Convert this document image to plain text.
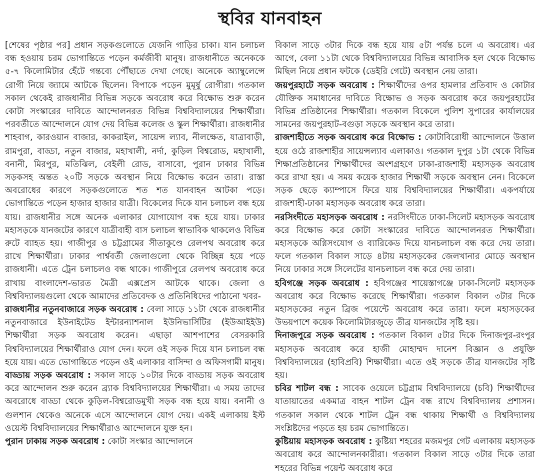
স্থবির যানবাহন

[শেষের পৃষ্ঠার পর] প্রধান সড়কগুলোতে যেজনি গাড়ির চাকা। যান চলাচল বন্ধ হওয়ায় চরম ভোগান্তিতে পড়েন কর্মজীবী মানুষ। রাজধানীতে অনেককে ৫-৭ কিলোমিটার হেঁটে গন্তব্যে পৌঁছাতে দেখা গেছে। অনেকে অ্যাম্বুলেন্সে রোগী নিয়ে জ্যামে আটকে ছিলেন। বিপাকে পড়েন মুমূর্ষু রোগীরা। গতকাল সকাল থেকেই রাজধানীর বিভিন্ন সড়কে অবরোধ করে বিক্ষোভ শুরু করেন কোটা সংস্কারের দাবিতে আন্দোলনরত বিভিন্ন বিশ্ববিদ্যালয়ের শিক্ষার্থীরা। পরবর্তীতে আন্দোলনে যোগ দেয় বিভিন্ন কলেজ ও স্কুল শিক্ষার্থীরা। রাজধানীর শাহবাগ, কারওয়ান বাজার, কাকরাইল, সায়েন্স ল্যাব, নীলক্ষেত, যাত্রাবাড়ী, রামপুরা, বাড্ডা, নতুন বাজার, মহাখালী, নর্দা, কুড়িল বিশ্বরোড, মহাখালী, বনানী, মিরপুর, মতিঝিল, বেইলী রোড, বাসাবো, পুরান ঢাকার বিভিন্ন সড়কসহ অন্তত ২০টি সড়কে অবস্থান নিয়ে বিক্ষোভ করেন তারা। রাস্তা অবরোধের কারণে সড়কগুলোতে শত শত যানবাহন আটকা পড়ে। ভোগান্তিতে পড়েন হাজার হাজার যাত্রী। বিকেলের দিকে যান চলাচল বন্ধ হয়ে যায়। রাজধানীর সঙ্গে অনেক এলাকার যোগাযোগ বন্ধ হয়ে যায়। ঢাকার মহাসড়কে যানজটের কারণে যাত্রীবাহী বাস চলাচল স্বাভাবিক থাকলেও বিভিন্ন রুটে ব্যাহত হয়। গাজীপুর ও চট্টগ্রামের সীতাকুণ্ডে রেলপথ অবরোধ করে রাখে শিক্ষার্থীরা। ঢাকার পার্শ্ববর্তী জেলাগুলো থেকে বিচ্ছিন্ন হয়ে পড়ে রাজধানী। এতে ট্রেন চলাচলও বন্ধ থাকে। গাজীপুরে রেলপথ অবরোধ করে রাখায় বাংলাদেশ-ভারত মৈত্রী এক্সপ্রেস আটকে থাকে। জেলা ও বিশ্ববিদ্যালয়গুলো থেকে আমাদের প্রতিবেদক ও প্রতিনিধিদের পাঠানো খবর-

রাজধানীর নতুনবাজারে সড়ক অবরোধ : বেলা সাড়ে ১১টা থেকে রাজধানীর নতুনবাজারে ইউনাইটেড ইন্টারন্যাশনাল ইউনিভার্সিটির (ইউআইইউ) শিক্ষার্থীরা সড়ক অবরোধ করেন। এছাড়া আশপাশের বেসরকারি বিশ্ববিদ্যালয়ের শিক্ষার্থীরাও যোগ দেন। ফলে ওই সড়ক দিয়ে যান চলাচল বন্ধ হয়ে যায়। এতে ভোগান্তিতে পড়েন ওই এলাকার বাসিন্দা ও অফিসগামী মানুষ।

বাড্ডায় সড়ক অবরোধ : সকাল সাড়ে ১০টার দিকে বাড্ডায় সড়ক অবরোধ করে আন্দোলন শুরু করেন ব্র্যাক বিশ্ববিদ্যালয়ের শিক্ষার্থীরা। এ সময় তাদের অবরোধে বাড্ডা থেকে কুড়িল-বিশ্বরোডমুখী সড়ক বন্ধ হয়ে যায়। বনানী ও গুলশান থেকেও অনেকে এসে আন্দোলনে যোগ দেয়। একই এলাকায় ইস্ট ওয়েস্ট বিশ্ববিদ্যালয়ের শিক্ষার্থীরাও আন্দোলনে যুক্ত হন।

পুরান ঢাকায় সড়ক অবরোধ : কোটা সংস্কার আন্দোলনে

বিকাল সাড়ে ৩টার দিকে বন্ধ হয়ে যায় ৫টা পর্যন্ত চলে এ অবরোধ। এর আগে, বেলা ১১টা থেকে বিশ্ববিদ্যালয়ের বিভিন্ন আবাসিক হল থেকে বিক্ষোভ মিছিল নিয়ে প্রধান ফটকে (ডেইরি গেটে) অবস্থান নেয় তারা।

জয়পুরহাটে সড়ক অবরোধ : শিক্ষার্থীদের ওপর হামলার প্রতিবাদ ও কোটার যৌক্তিক সমাধানের দাবিতে বিক্ষোভ ও সড়ক অবরোধ করে জয়পুরহাটের বিভিন্ন প্রতিষ্ঠানের শিক্ষার্থীরা। গতকাল বিকেলে পুলিশ সুপারের কার্যালয়ের সামনের জয়পুরহাট-বগুড়া সড়কে অবস্থান করে তারা।

রাজশাহীতে সড়ক অবরোধ করে বিক্ষোভ : কোটাবিরোধী আন্দোলনে উত্তাল হয়ে ওঠে রাজশাহীর সায়েন্সল্যাব এলাকাও। গতকাল দুপুর ১টা থেকে বিভিন্ন শিক্ষাপ্রতিষ্ঠানের শিক্ষার্থীদের অংশগ্রহণে ঢাকা-রাজশাহী মহাসড়ক অবরোধ করে রাখা হয়। এ সময় কয়েক হাজার শিক্ষার্থী সড়কে অবস্থান নেন। বিকেলে সড়ক ছেড়ে ক্যাম্পাসে ফিরে যায় বিশ্ববিদ্যালয়ের শিক্ষার্থীরা। একপর্যায়ে রাজশাহী-ঢাকা মহাসড়ক অবরোধ করে তারা।

নরসিংদীতে মহাসড়ক অবরোধ : নরসিংদীতে ঢাকা-সিলেট মহাসড়ক অবরোধ করে বিক্ষোভ করে কোটা সংস্কারের দাবিতে আন্দোলনরত শিক্ষার্থীরা। মহাসড়কে অগ্নিসংযোগ ও ব্যারিকেড দিয়ে যানচলাচল বন্ধ করে দেয় তারা। ফলে গতকাল বিকাল সাড়ে ৪টায় মহাসড়কের জেলখানার মোড়ে অবস্থান নিয়ে ঢাকার সঙ্গে সিলেটের যানচলাচল বন্ধ করে দেয় তারা।

হবিগঞ্জে সড়ক অবরোধ : হবিগঞ্জের শায়েস্তাগঞ্জে ঢাকা-সিলেট মহাসড়ক অবরোধ করে বিক্ষোভ করেছে শিক্ষার্থীরা। গতকাল বিকাল ৩টার দিকে মহাসড়কের নতুন ব্রিজ পয়েন্টে অবরোধ করে তারা। ফলে মহাসড়কের উভয়পাশে কয়েক কিলোমিটারজুড়ে তীব্র যানজটের সৃষ্টি হয়।

দিনাজপুরে সড়ক অবরোধ : গতকাল বিকাল ৫টার দিকে দিনাজপুর-রংপুর মহাসড়ক অবরোধ করে হাজী মোহাম্মদ দানেশ বিজ্ঞান ও প্রযুক্তি বিশ্ববিদ্যালয়ের (হাবিপ্রবি) শিক্ষার্থীরা। এতে ওই সড়কে তীব্র যানজটের সৃষ্টি হয়।

চবির শাটল বন্ধ : সাবেক ওয়েলে চট্টগ্রাম বিশ্ববিদ্যালয়ে (চবি) শিক্ষার্থীদের যাতায়াতের একমাত্র বাহন শাটল ট্রেন বন্ধ রাখে বিশ্ববিদ্যালয় প্রশাসন। গতকাল সকাল থেকে শাটল ট্রেন বন্ধ থাকায় শিক্ষার্থী ও বিশ্ববিদ্যালয় সংশ্লিষ্টদের পড়তে হয় চরম ভোগান্তিতে।

কুষ্টিয়ায় মহাসড়ক অবরোধ : কুষ্টিয়া শহরের মজমপুর গেট এলাকায় মহাসড়ক অবরোধ করে আন্দোলনকারীরা। গতকাল বিকাল সাড়ে ৩টার দিকে তারা শহরের বিভিন্ন পয়েন্ট অবরোধ করে
